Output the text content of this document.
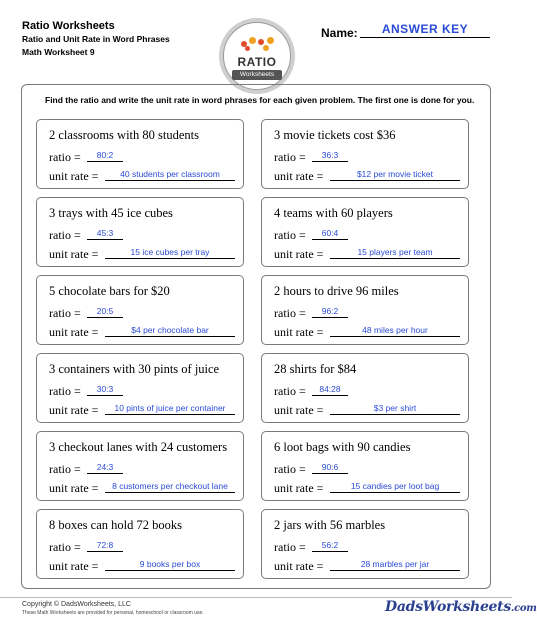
Ratio Worksheets
Ratio and Unit Rate in Word Phrases
Math Worksheet 9
RATIO
Worksheets
Name:	ANSWER KEY
Find the ratio and write the unit rate in word phrases for each given problem. The first one is done for you.
2 classrooms with 80 students
ratio =	80:2
unit rate =	40 students per classroom
3 movie tickets cost $36
ratio =	36:3
unit rate =	$12 per movie ticket
3 trays with 45 ice cubes
ratio =	45:3
unit rate =	15 ice cubes per tray
4 teams with 60 players
ratio =	60:4
unit rate =	15 players per team
5 chocolate bars for $20
ratio =	20:5
unit rate =	$4 per chocolate bar
2 hours to drive 96 miles
ratio =	96:2
unit rate =	48 miles per hour
3 containers with 30 pints of juice
ratio =	30:3
unit rate =	10 pints of juice per container
28 shirts for $84
ratio =	84:28
unit rate =	$3 per shirt
3 checkout lanes with 24 customers
ratio =	24:3
unit rate =	8 customers per checkout lane
6 loot bags with 90 candies
ratio =	90:6
unit rate =	15 candies per loot bag
8 boxes can hold 72 books
ratio =	72:8
unit rate =	9 books per box
2 jars with 56 marbles
ratio =	56:2
unit rate =	28 marbles per jar
Copyright © DadsWorksheets, LLC
These Math Worksheets are provided for personal, homeschool or classroom use.	DadsWorksheets.com
